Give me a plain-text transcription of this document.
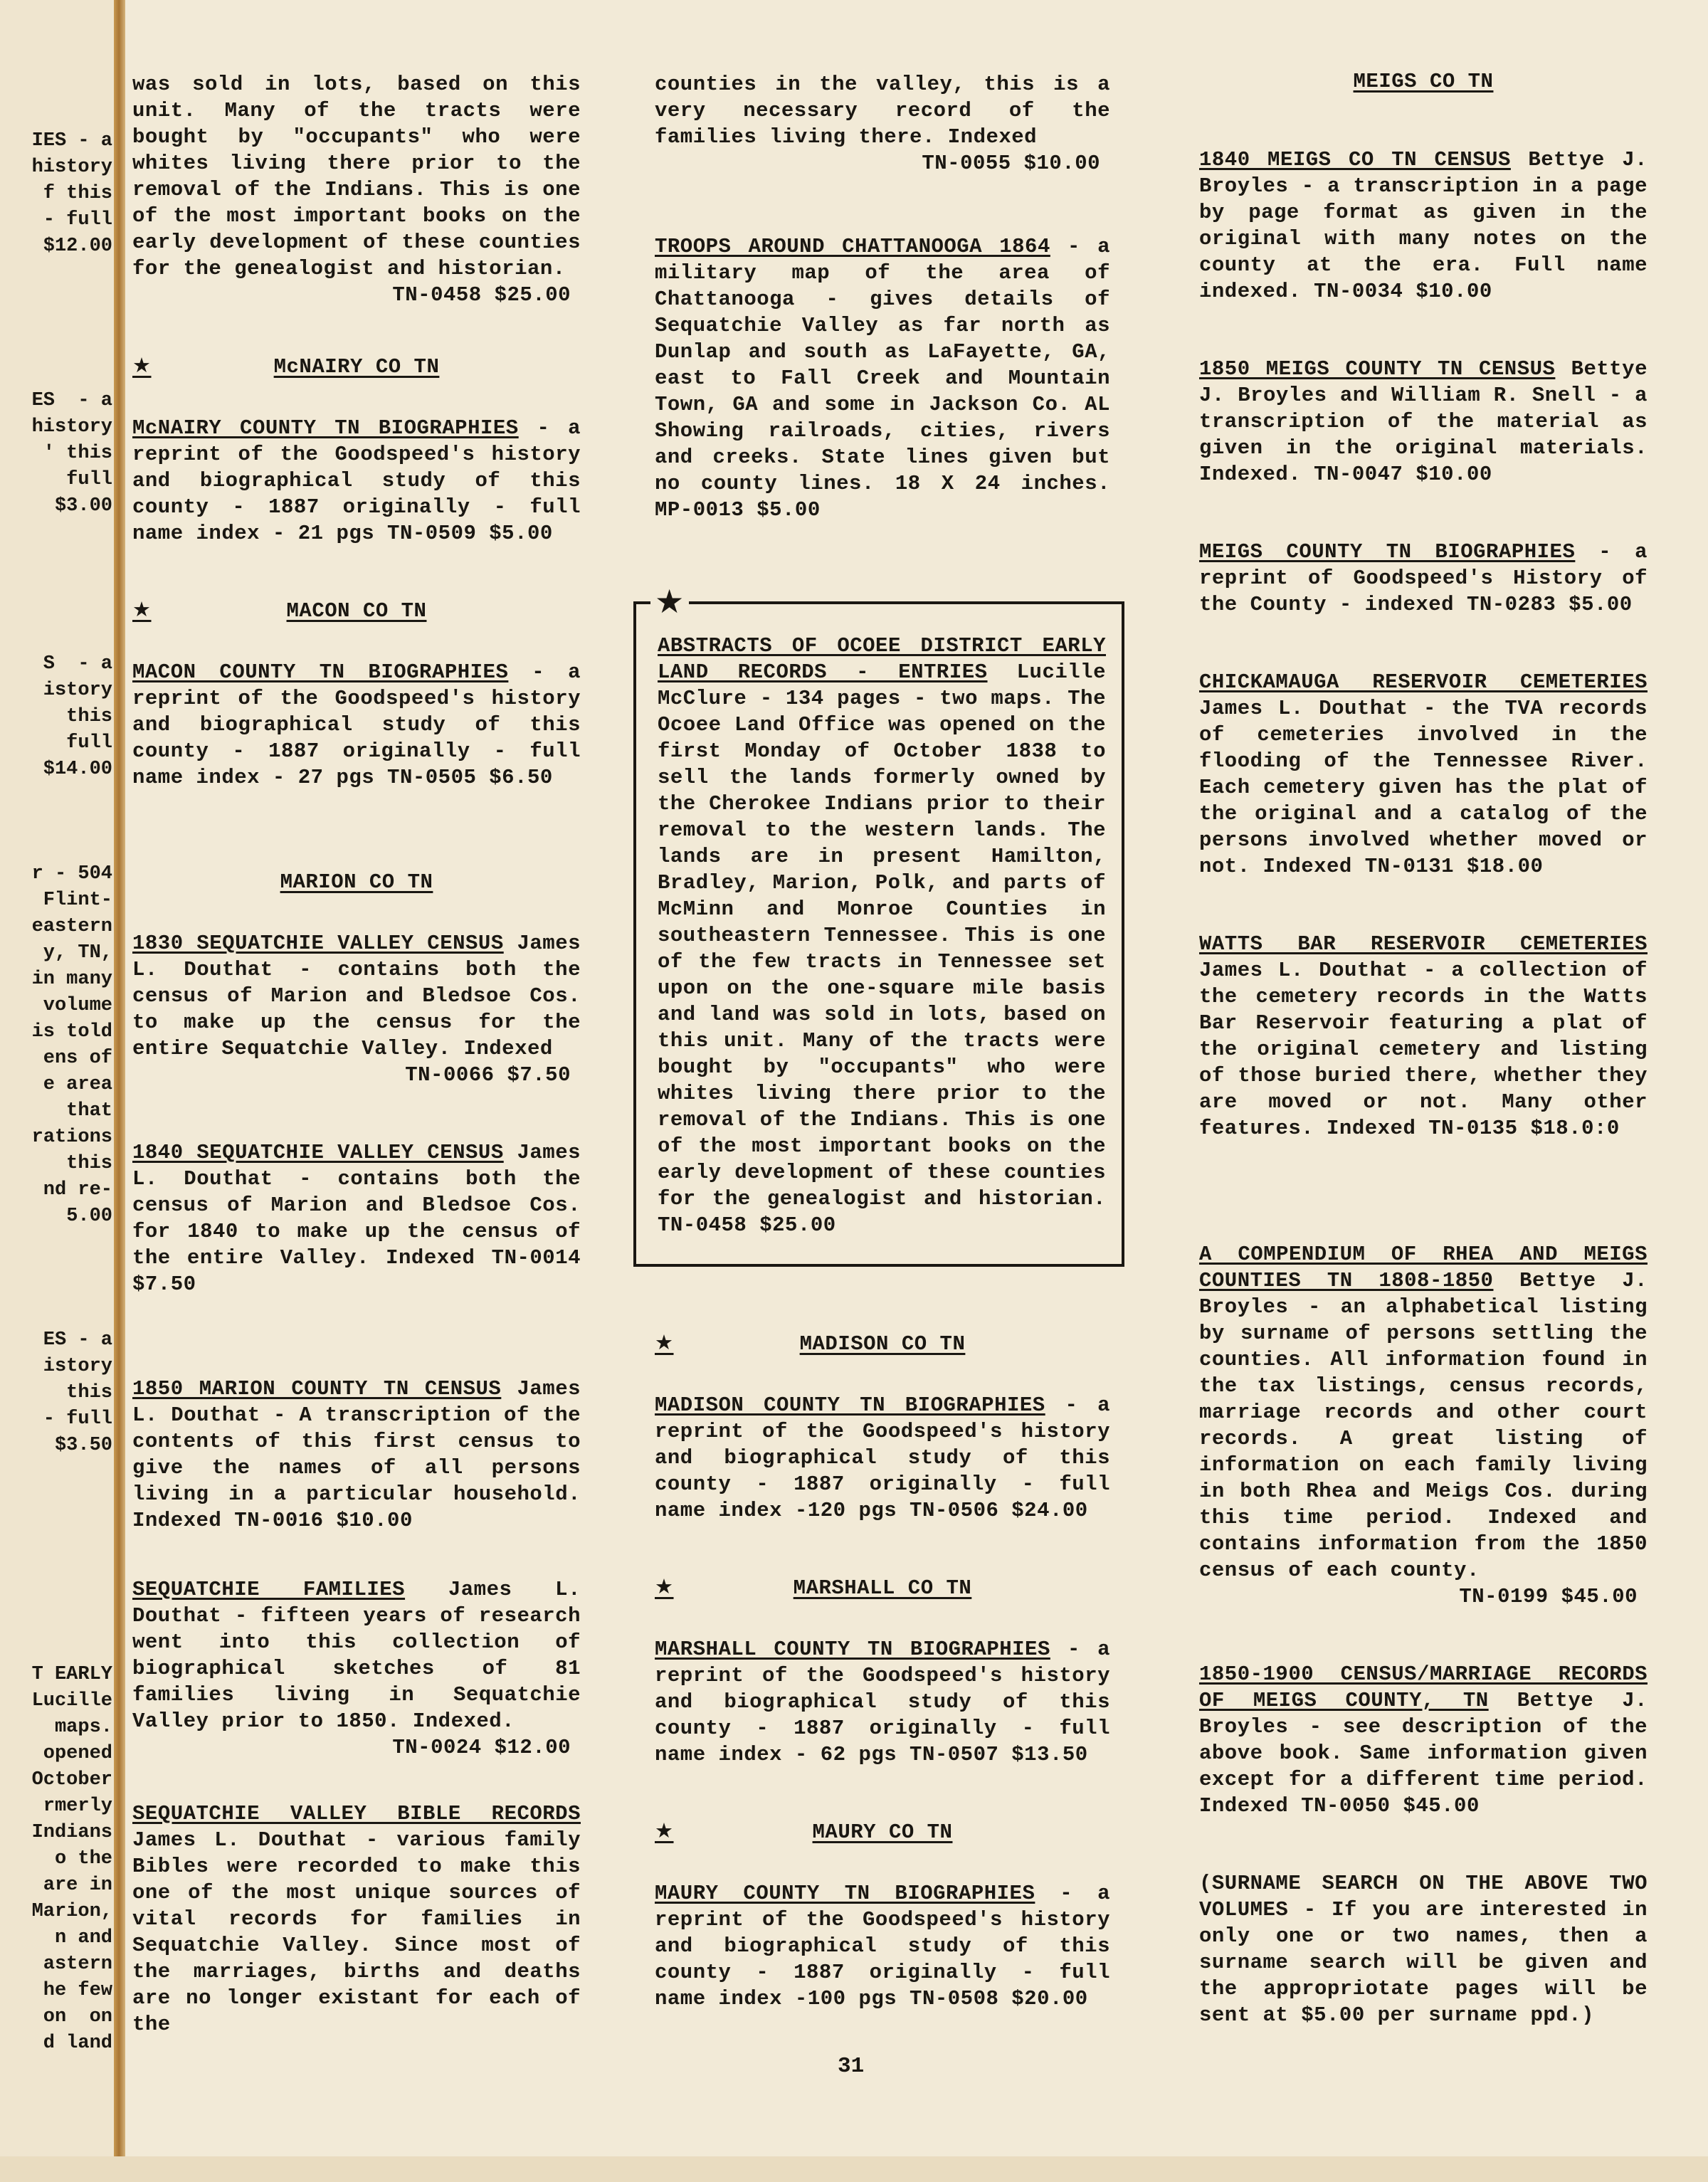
IES - a
history
f this
- full
$12.00
ES  - a
history
' this
full
$3.00
S  - a
istory
this
full
$14.00
r - 504
Flint-
eastern
y, TN,
in many
volume
is told
ens of
e area
that
rations
this
nd re-
5.00
ES - a
istory
this
- full
$3.50
T EARLY
Lucille
maps.
opened
October
rmerly
Indians
o the
are in
Marion,
n and
astern
he few
on  on
d land
was sold in lots, based on this unit. Many of the tracts were bought by "occupants" who were whites living there prior to the removal of the Indians. This is one of the most important books on the early development of these counties for the genealogist and historian.
TN-0458 $25.00
★	McNAIRY CO TN
McNAIRY COUNTY TN BIOGRAPHIES - a reprint of the Goodspeed's history and biographical study of this county - 1887 originally - full name index - 21 pgs TN-0509 $5.00
★	MACON CO TN
MACON COUNTY TN BIOGRAPHIES - a reprint of the Goodspeed's history and biographical study of this county - 1887 originally - full name index - 27 pgs TN-0505 $6.50
MARION CO TN
1830 SEQUATCHIE VALLEY CENSUS James L. Douthat - contains both the census of Marion and Bledsoe Cos. to make up the census for the entire Sequatchie Valley. Indexed
TN-0066 $7.50
1840 SEQUATCHIE VALLEY CENSUS James L. Douthat - contains both the census of Marion and Bledsoe Cos. for 1840 to make up the census of the entire Valley. Indexed TN-0014 $7.50
1850 MARION COUNTY TN CENSUS James L. Douthat - A transcription of the contents of this first census to give the names of all persons living in a particular household. Indexed TN-0016 $10.00
SEQUATCHIE FAMILIES James L. Douthat - fifteen years of research went into this collection of biographical sketches of 81 families living in Sequatchie Valley prior to 1850. Indexed.
TN-0024 $12.00
SEQUATCHIE VALLEY BIBLE RECORDS James L. Douthat - various family Bibles were recorded to make this one of the most unique sources of vital records for families in Sequatchie Valley. Since most of the marriages, births and deaths are no longer existant for each of the
counties in the valley, this is a very necessary record of the families living there. Indexed
TN-0055 $10.00
TROOPS AROUND CHATTANOOGA 1864 - a military map of the area of Chattanooga - gives details of Sequatchie Valley as far north as Dunlap and south as LaFayette, GA, east to Fall Creek and Mountain Town, GA and some in Jackson Co. AL Showing railroads, cities, rivers and creeks. State lines given but no county lines. 18 X 24 inches. MP-0013 $5.00
★
ABSTRACTS OF OCOEE DISTRICT EARLY LAND RECORDS - ENTRIES Lucille McClure - 134 pages - two maps. The Ocoee Land Office was opened on the first Monday of October 1838 to sell the lands formerly owned by the Cherokee Indians prior to their removal to the western lands. The lands are in present Hamilton, Bradley, Marion, Polk, and parts of McMinn and Monroe Counties in southeastern Tennessee. This is one of the few tracts in Tennessee set upon on the one-square mile basis and land was sold in lots, based on this unit. Many of the tracts were bought by "occupants" who were whites living there prior to the removal of the Indians. This is one of the most important books on the early development of these counties for the genealogist and historian. TN-0458 $25.00
★	MADISON CO TN
MADISON COUNTY TN BIOGRAPHIES - a reprint of the Goodspeed's history and biographical study of this county - 1887 originally - full name index -120 pgs TN-0506 $24.00
★	MARSHALL CO TN
MARSHALL COUNTY TN BIOGRAPHIES - a reprint of the Goodspeed's history and biographical study of this county - 1887 originally - full name index - 62 pgs TN-0507 $13.50
★	MAURY CO TN
MAURY COUNTY TN BIOGRAPHIES - a reprint of the Goodspeed's history and biographical study of this county - 1887 originally - full name index -100 pgs TN-0508 $20.00
MEIGS CO TN
1840 MEIGS CO TN CENSUS Bettye J. Broyles - a transcription in a page by page format as given in the original with many notes on the county at the era. Full name indexed. TN-0034 $10.00
1850 MEIGS COUNTY TN CENSUS Bettye J. Broyles and William R. Snell - a transcription of the material as given in the original materials. Indexed. TN-0047 $10.00
MEIGS COUNTY TN BIOGRAPHIES - a reprint of Goodspeed's History of the County - indexed TN-0283 $5.00
CHICKAMAUGA RESERVOIR CEMETERIES James L. Douthat - the TVA records of cemeteries involved in the flooding of the Tennessee River. Each cemetery given has the plat of the original and a catalog of the persons involved whether moved or not. Indexed TN-0131 $18.00
WATTS BAR RESERVOIR CEMETERIES James L. Douthat - a collection of the cemetery records in the Watts Bar Reservoir featuring a plat of the original cemetery and listing of those buried there, whether they are moved or not. Many other features. Indexed TN-0135 $18.0:0
A COMPENDIUM OF RHEA AND MEIGS COUNTIES TN 1808-1850 Bettye J. Broyles - an alphabetical listing by surname of persons settling the counties. All information found in the tax listings, census records, marriage records and other court records. A great listing of information on each family living in both Rhea and Meigs Cos. during this time period. Indexed and contains information from the 1850 census of each county.
TN-0199 $45.00
1850-1900 CENSUS/MARRIAGE RECORDS OF MEIGS COUNTY, TN Bettye J. Broyles - see description of the above book. Same information given except for a different time period. Indexed TN-0050 $45.00
(SURNAME SEARCH ON THE ABOVE TWO VOLUMES - If you are interested in only one or two names, then a surname search will be given and the appropriotate pages will be sent at $5.00 per surname ppd.)
31
